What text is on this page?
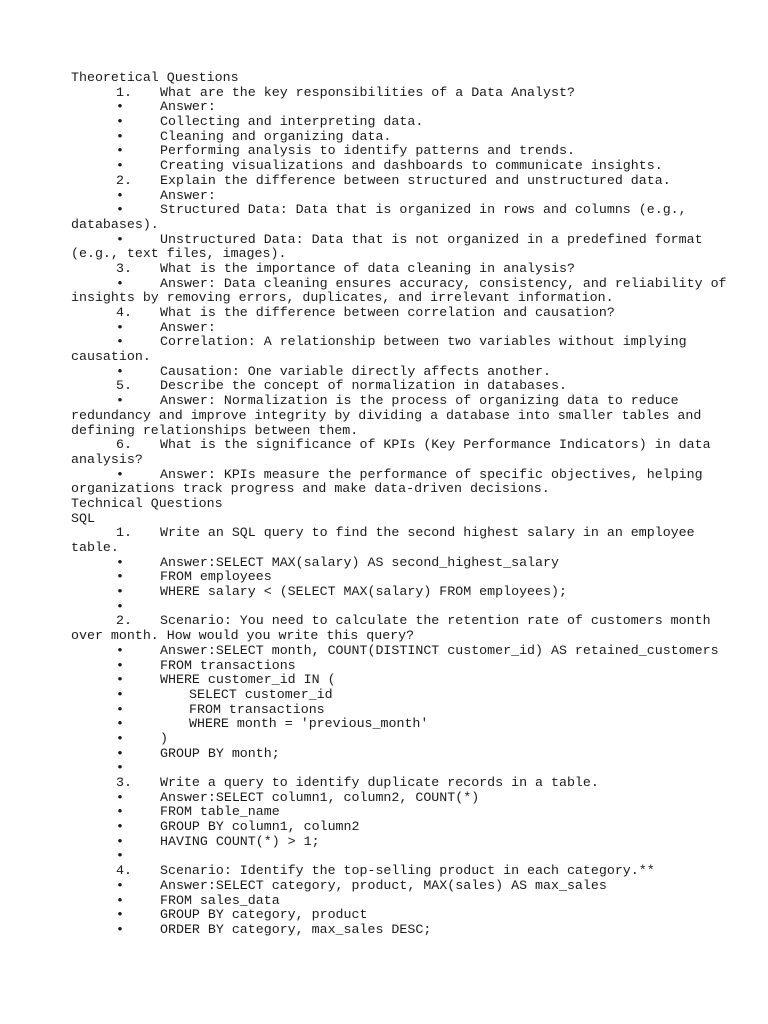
Theoretical Questions
1. What are the key responsibilities of a Data Analyst?
•	Answer:
•	Collecting and interpreting data.
•	Cleaning and organizing data.
•	Performing analysis to identify patterns and trends.
•	Creating visualizations and dashboards to communicate insights.
2. Explain the difference between structured and unstructured data.
•	Answer:
•	Structured Data: Data that is organized in rows and columns (e.g.,
databases).
•	Unstructured Data: Data that is not organized in a predefined format
(e.g., text files, images).
3. What is the importance of data cleaning in analysis?
•	Answer: Data cleaning ensures accuracy, consistency, and reliability of
insights by removing errors, duplicates, and irrelevant information.
4. What is the difference between correlation and causation?
•	Answer:
•	Correlation: A relationship between two variables without implying
causation.
•	Causation: One variable directly affects another.
5. Describe the concept of normalization in databases.
•	Answer: Normalization is the process of organizing data to reduce
redundancy and improve integrity by dividing a database into smaller tables and
defining relationships between them.
6. What is the significance of KPIs (Key Performance Indicators) in data
analysis?
•	Answer: KPIs measure the performance of specific objectives, helping
organizations track progress and make data-driven decisions.
Technical Questions
SQL
1. Write an SQL query to find the second highest salary in an employee
table.
•	Answer:SELECT MAX(salary) AS second_highest_salary
•	FROM employees
•	WHERE salary < (SELECT MAX(salary) FROM employees);
•
2. Scenario: You need to calculate the retention rate of customers month
over month. How would you write this query?
•	Answer:SELECT month, COUNT(DISTINCT customer_id) AS retained_customers
•	FROM transactions
•	WHERE customer_id IN (
•	SELECT customer_id
•	FROM transactions
•	WHERE month = 'previous_month'
•	)
•	GROUP BY month;
•
3. Write a query to identify duplicate records in a table.
•	Answer:SELECT column1, column2, COUNT(*)
•	FROM table_name
•	GROUP BY column1, column2
•	HAVING COUNT(*) > 1;
•
4. Scenario: Identify the top-selling product in each category.**
•	Answer:SELECT category, product, MAX(sales) AS max_sales
•	FROM sales_data
•	GROUP BY category, product
•	ORDER BY category, max_sales DESC;
